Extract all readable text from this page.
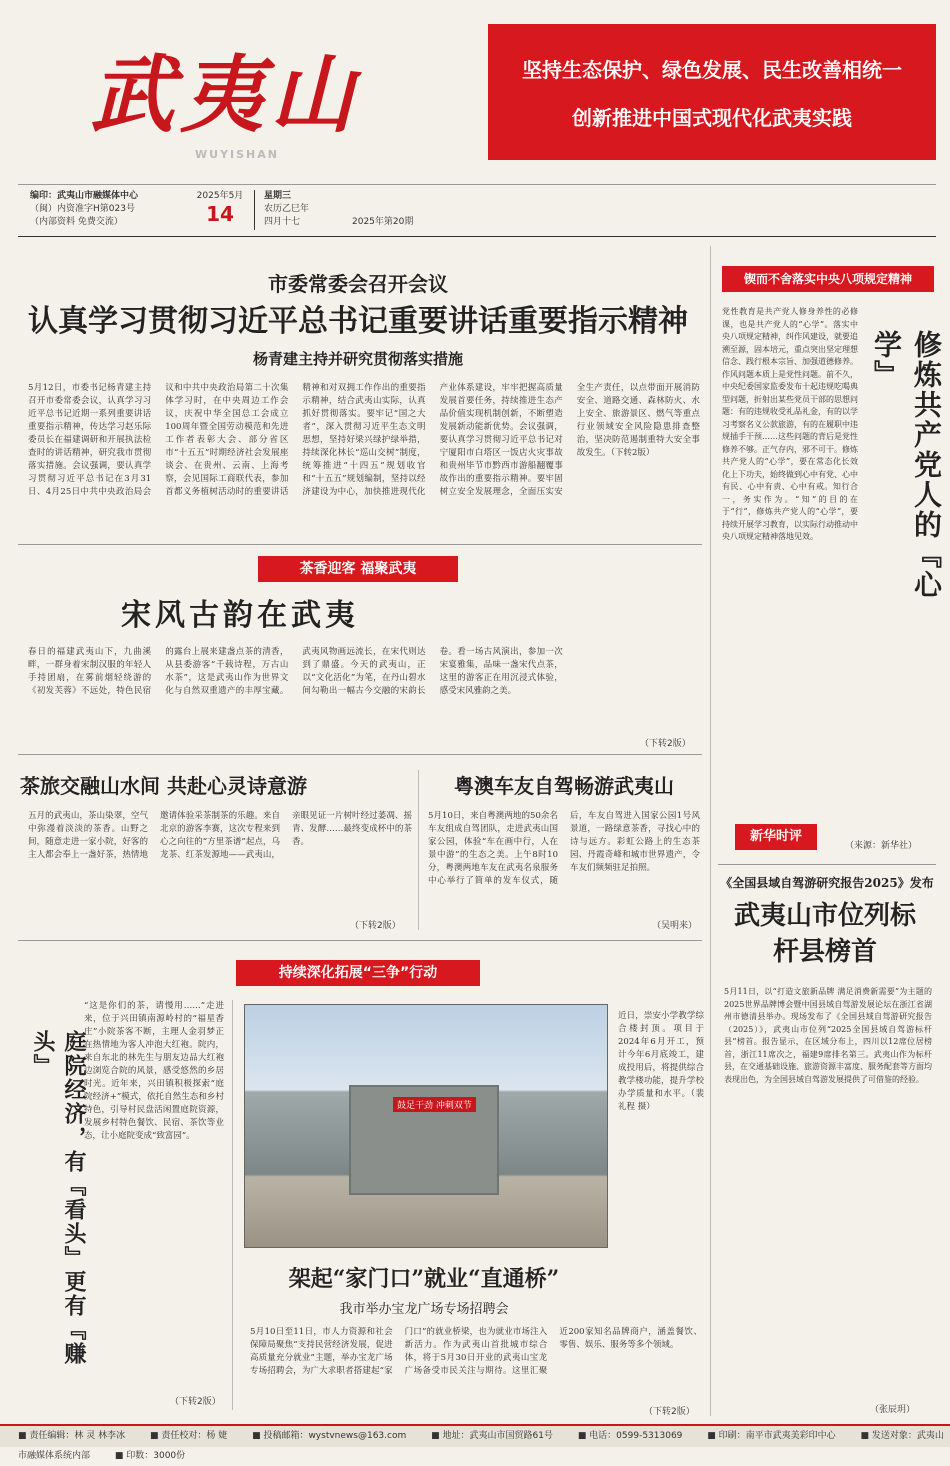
武夷山
WUYISHAN
坚持生态保护、绿色发展、民生改善相统一
创新推进中国式现代化武夷实践
编印：武夷山市融媒体中心
（闽）内资准字H第023号
（内部资料 免费交流）
2025年5月
14
星期三
农历乙巳年
四月十七	2025年第20期
市委常委会召开会议
认真学习贯彻习近平总书记重要讲话重要指示精神
杨青建主持并研究贯彻落实措施
5月12日，市委书记杨青建主持召开市委常委会议，认真学习习近平总书记近期一系列重要讲话重要指示精神，传达学习赵乐际委员长在福建调研和开展执法检查时的讲话精神，研究我市贯彻落实措施。会议强调，要认真学习贯彻习近平总书记在3月31日、4月25日中共中央政治局会议和中共中央政治局第二十次集体学习时，在中央周边工作会议，庆祝中华全国总工会成立100周年暨全国劳动模范和先进工作者表彰大会、部分省区市“十五五”时期经济社会发展座谈会、在贵州、云南、上海考察，会见国际工商联代表，参加首都义务植树活动时的重要讲话精神和对双拥工作作出的重要指示精神，结合武夷山实际，认真抓好贯彻落实。要牢记“国之大者”，深入贯彻习近平生态文明思想，坚持好梁兴绿护绿举措，持续深化林长“巡山交树”制度，统筹推进“十四五”规划收官和“十五五”规划编制，坚持以经济建设为中心，加快推进现代化产业体系建设，牢牢把握高质量发展首要任务，持续推进生态产品价值实现机制创新，不断塑造发展新动能新优势。会议强调，要认真学习贯彻习近平总书记对宁厦阳市白塔区一饭店火灾事故和贵州毕节市黔西市游船翻覆事故作出的重要指示精神。要牢固树立安全发展理念，全面压实安全生产责任，以点带面开展消防安全、道路交通、森林防火、水上安全、旅游景区、燃气等重点行业领域安全风险隐患排查整治，坚决防范遏制重特大安全事故发生。（下转2版）
锲而不舍落实中央八项规定精神
党性教育是共产党人修身养性的必修课，也是共产党人的“心学”。落实中央八项规定精神，纠作风建设，就要追溯至源，固本培元，重点突出坚定理想信念、践行根本宗旨、加强道德修养。作风问题本质上是党性问题。前不久，中央纪委国家监委发布十起违规吃喝典型问题，折射出某些党员干部的思想问题：有的违规收受礼品礼金，有的以学习考察名义公款旅游，有的在履职中违规插手干预……这些问题的背后是党性修养不够。正气存内，邪不可干。修炼共产党人的“心学”，要在常态化长效化上下功夫，始终做到心中有党、心中有民、心中有责、心中有戒。知行合一，务实作为。“知”的目的在于“行”，修炼共产党人的“心学”，要持续开展学习教育，以实际行动推动中央八项规定精神落地见效。	修炼共产党人的『心学』
新华时评
（来源：新华社）
茶香迎客 福聚武夷
宋风古韵在武夷
春日的福建武夷山下，九曲溪畔，一群身着宋制汉服的年轻人手持团扇，在雾前烟轻绕游的《初发芙蓉》不远处，特色民宿的露台上展来建盏点茶的清香，从县委游客“千载诗程，万古山水茶”，这是武夷山作为世界文化与自然双重遗产的丰厚宝藏。武夷风物画远流长，在宋代则达到了鼎盛。今天的武夷山，正以“文化活化”为笔，在丹山碧水间勾勒出一幅古今交融的宋韵长卷。看一场古风演出，参加一次宋宴雅集，品味一盏宋代点茶，这里的游客正在用沉浸式体验，感受宋风雅韵之美。
（下转2版）
茶旅交融山水间 共赴心灵诗意游
五月的武夷山，茶山染翠，空气中弥漫着淡淡的茶香。山野之间，随意走进一家小院，好客的主人都会奉上一盏好茶，热情地邀请体验采茶制茶的乐趣。来自北京的游客李赛，这次专程来到心之向往的“方里茶谱”起点，乌龙茶、红茶发源地——武夷山，亲眼见证一片树叶经过萎凋、摇青、发酵……最终变成杯中的茶香。
（下转2版）
粤澳车友自驾畅游武夷山
5月10日，来自粤澳两地的50余名车友组成自驾团队，走进武夷山国家公园，体验“车在画中行，人在景中游”的生态之美。上午8时10分，粤澳两地车友在武夷名泉服务中心举行了简单的发车仪式，随后，车友自驾进入国家公园1号风景道，一路绿意茶香，寻找心中的诗与远方。彩虹公路上的生态茶园、丹霞奇峰和城市世界遗产，令车友们频频驻足拍照。
（吴明来）
持续深化拓展“三争”行动
庭院经济，有『看头』更有『赚头』
“这是你们的茶，请慢用……”走进来，位于兴田镇南源岭村的“福星香庄”小院茶客不断，主理人金羽梦正在热情地为客人冲泡大红袍。院内，来自东北的林先生与朋友边品大红袍边浏览合院的风景，感受悠然的乡居时光。近年来，兴田镇积极探索“庭院经济+”模式，依托自然生态和乡村特色，引导村民盘活闲置庭院资源，发展乡村特色餐饮、民宿、茶饮等业态，让小庭院变成“致富园”。
（下转2版）
鼓足干劲 冲刺双节
近日，崇安小学教学综合楼封顶。项目于2024年6月开工，预计今年6月底竣工，建成投用后，将提供综合教学楼功能，提升学校办学质量和水平。（裴礼程 摄）
架起“家门口”就业“直通桥”
我市举办宝龙广场专场招聘会
5月10日至11日，市人力资源和社会保障局聚焦“支持民营经济发展，促进高质量充分就业”主题，举办宝龙广场专场招聘会，为广大求职者搭建起“家门口”的就业桥梁，也为就业市场注入新活力。作为武夷山首批城市综合体，将于5月30日开业的武夷山宝龙广场备受市民关注与期待。这里汇聚近200家知名品牌商户，涵盖餐饮、零售、娱乐、服务等多个领域。
（下转2版）
《全国县域自驾游研究报告2025》发布
武夷山市位列标杆县榜首
5月11日，以“打造文旅新品牌 满足消费新需要”为主题的2025世界品牌博会暨中国县域自驾游发展论坛在浙江省湖州市德清县举办。现场发布了《全国县域自驾游研究报告（2025）》，武夷山市位列“2025全国县域自驾游标杆县”榜首。报告显示，在区域分布上，四川以12席位居榜首，浙江11席次之，福建9席排名第三。武夷山作为标杆县，在交通基础设施、旅游资源丰富度、服务配套等方面均表现出色，为全国县域自驾游发展提供了可借鉴的经验。
（张辰玥）
■ 责任编辑：林 灵 林李冰	■ 责任校对：杨 婕	■ 投稿邮箱：wystvnews@163.com	■ 地址：武夷山市国贸路61号	■ 电话：0599-5313069	■ 印刷：南平市武夷美彩印中心	■ 发送对象：武夷山市融媒体系统内部	■ 印数：3000份
